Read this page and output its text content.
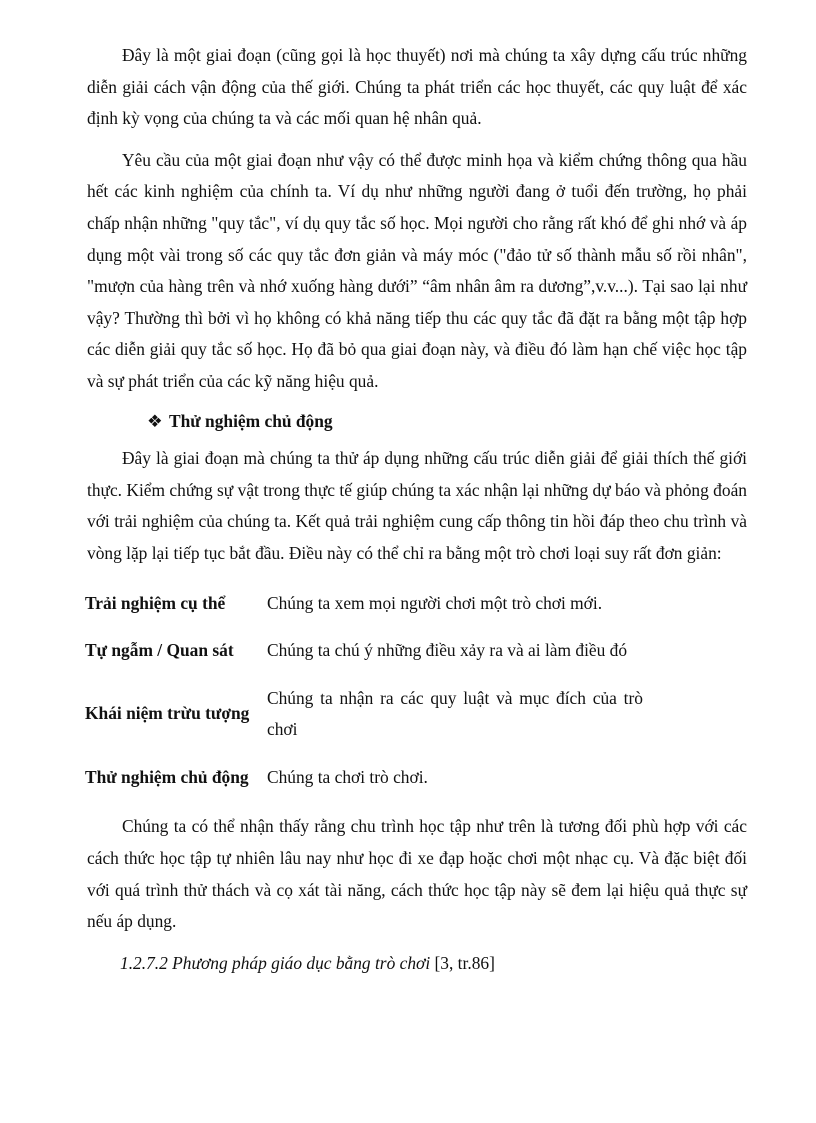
Đây là một giai đoạn (cũng gọi là học thuyết) nơi mà chúng ta xây dựng cấu trúc những diễn giải cách vận động của thế giới. Chúng ta phát triển các học thuyết, các quy luật để xác định kỳ vọng của chúng ta và các mối quan hệ nhân quả.

Yêu cầu của một giai đoạn như vậy có thể được minh họa và kiểm chứng thông qua hầu hết các kinh nghiệm của chính ta. Ví dụ như những người đang ở tuổi đến trường, họ phải chấp nhận những "quy tắc", ví dụ quy tắc số học. Mọi người cho rằng rất khó để ghi nhớ và áp dụng một vài trong số các quy tắc đơn giản và máy móc ("đảo tử số thành mẫu số rồi nhân", "mượn của hàng trên và nhớ xuống hàng dưới” “âm nhân âm ra dương”,v.v...). Tại sao lại như vậy? Thường thì bởi vì họ không có khả năng tiếp thu các quy tắc đã đặt ra bằng một tập hợp các diễn giải quy tắc số học. Họ đã bỏ qua giai đoạn này, và điều đó làm hạn chế việc học tập và sự phát triển của các kỹ năng hiệu quả.

❖ Thử nghiệm chủ động

Đây là giai đoạn mà chúng ta thử áp dụng những cấu trúc diễn giải để giải thích thế giới thực. Kiểm chứng sự vật trong thực tế giúp chúng ta xác nhận lại những dự báo và phỏng đoán với trải nghiệm của chúng ta. Kết quả trải nghiệm cung cấp thông tin hồi đáp theo chu trình và vòng lặp lại tiếp tục bắt đầu. Điều này có thể chỉ ra bằng một trò chơi loại suy rất đơn giản:

Trải nghiệm cụ thể	Chúng ta xem mọi người chơi một trò chơi mới.
Tự ngẫm / Quan sát	Chúng ta chú ý những điều xảy ra và ai làm điều đó
Khái niệm trừu tượng	Chúng ta nhận ra các quy luật và mục đích của trò chơi
Thử nghiệm chủ động	Chúng ta chơi trò chơi.

Chúng ta có thể nhận thấy rằng chu trình học tập như trên là tương đối phù hợp với các cách thức học tập tự nhiên lâu nay như học đi xe đạp hoặc chơi một nhạc cụ. Và đặc biệt đối với quá trình thử thách và cọ xát tài năng, cách thức học tập này sẽ đem lại hiệu quả thực sự nếu áp dụng.

1.2.7.2 Phương pháp giáo dục bằng trò chơi [3, tr.86]
